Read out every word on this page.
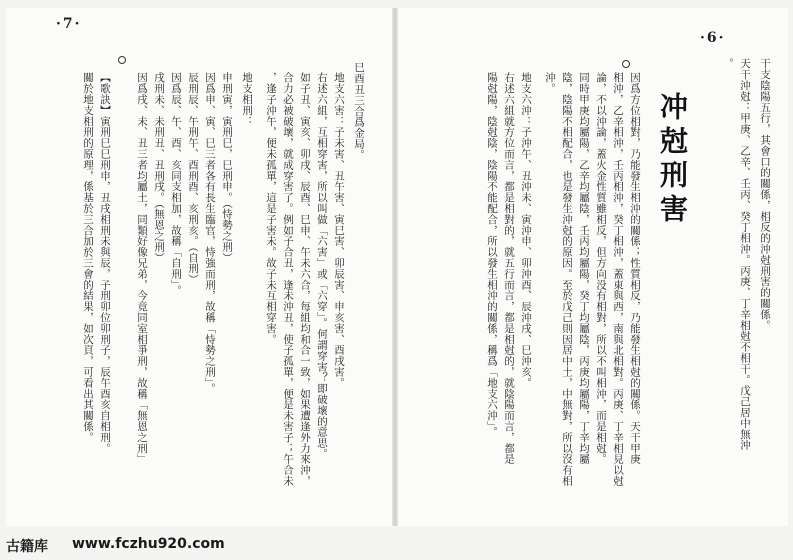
·7·
·6·
巳酉丑三合爲金局。
地支六害：子未害、丑午害、寅巳害、卯辰害、申亥害、酉戌害。
右述六組，互相穿害，所以叫做「六害」或「六穿」。何謂穿害？即破壞的意思。
如子丑、寅亥、卯戌、辰酉、巳申、午未六合，每組均和合一致，如果遭逢外力來沖，
合力必被破壞，就成穿害了。例如子合丑，逢未沖丑，使子孤單，便是未害子；午合未
，逢子沖午，便未孤單，這是子害未。故子未互相穿害。
地支相刑：
申刑寅，寅刑巳，巳刑申。（恃勢之刑）
因爲申、寅、巳三者各有長生臨官，恃強而刑，故稱「恃勢之刑」。
辰刑辰、午刑午、酉刑酉、亥刑亥。（自刑）
因爲辰、午、酉、亥同支相加，故稱「自刑」。
戌刑未、未刑丑、丑刑戌。（無恩之刑）
因爲戌、未、丑三者均屬土，同類好像兄弟，今竟同室相爭刑，故稱「無恩之刑」
【歌訣】寅刑巳巳刑申，丑戌相刑未與辰，子刑卯位卯刑子，辰午酉亥自相刑。
關於地支相刑的原理，係基於三合加於三會的結果，如次頁，可看出其關係。	冲尅刑害	干支陰陽五行，其會口的關係，相反的沖尅刑害的關係。
天干沖尅：甲庚、乙辛、壬丙、癸丁相沖。丙庚、丁辛相尅不相干。戊己居中無沖
。
因爲方位相對，乃能發生相沖的關係；性質相反，乃能發生相尅的關係。天干甲庚
相沖，乙辛相沖，壬丙相沖，癸丁相沖，蓋東與西，南與北相對。丙庚、丁辛相見以尅
論，不以沖論，蓋火金性質雖相反，但方向没有相對，所以不叫相沖，而是相尅。
同時甲庚均屬陽，乙辛均屬陰，壬丙均屬陽，癸丁均屬陰，丙庚均屬陽，丁辛均屬
陰，陰陽不相配合，也是發生沖尅的原因。至於戊己則因居中土，中無對，所以沒有相
沖。
地支六沖：子沖午、丑沖未、寅沖申、卯沖酉、辰沖戌、巳沖亥。
右述六組就方位而言，都是相對的，就五行而言，都是相尅的，就陰陽而言，都是
陽尅陽，陰尅陰，陰陽不能配合，所以發生相沖的關係，稱爲「地支六沖」。
古籍库 www.fczhu920.com
